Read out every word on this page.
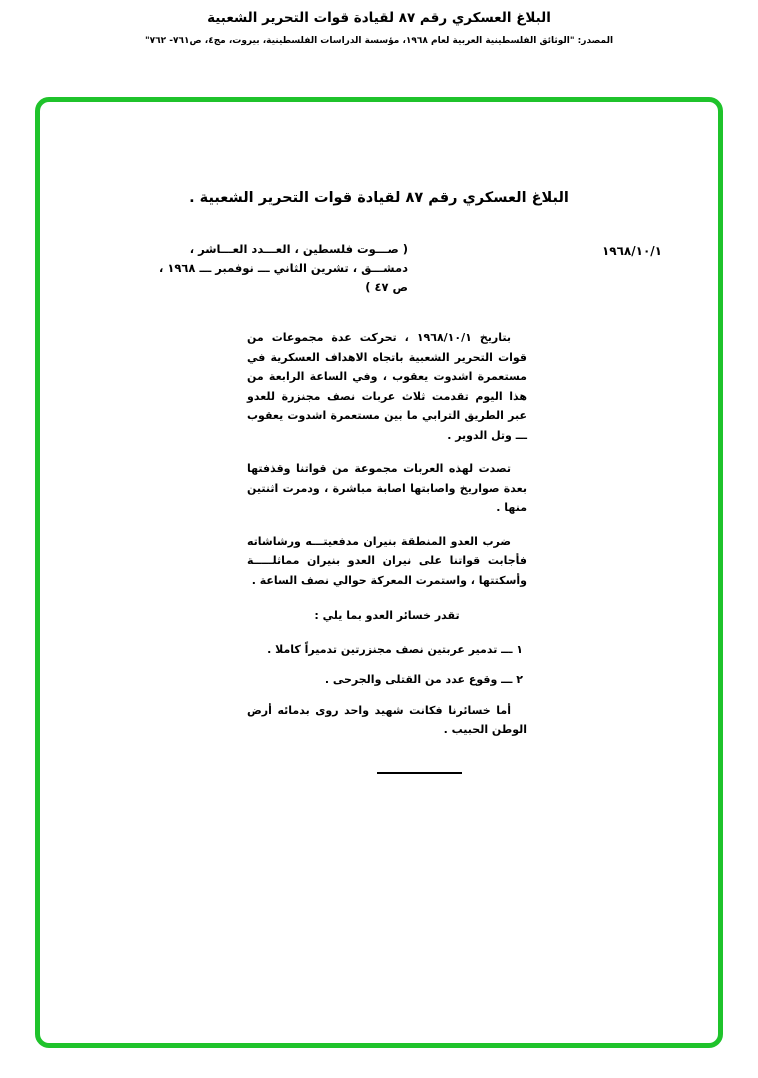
البلاغ العسكري رقم ٨٧ لقيادة قوات التحرير الشعبية
المصدر: "الوثائق الفلسطينية العربية لعام ١٩٦٨، مؤسسة الدراسات الفلسطينية، بيروت، مج٤، ص٧٦١- ٧٦٢"
البلاغ العسكري رقم ٨٧ لقيادة قوات التحرير الشعبية .
١٩٦٨/١٠/١
( صـــوت فلسطين ، العـــدد العـــاشر ،
دمشـــق ، تشرين الثاني ـــ نوفمبر ـــ ١٩٦٨ ،
ص ٤٧ )

بتاريخ ١٩٦٨/١٠/١ ، تحركت عدة مجموعات من قوات التحرير الشعبية باتجاه الاهداف العسكرية في مستعمرة اشدوت يعقوب ، وفي الساعة الرابعة من هذا اليوم تقدمت ثلاث عربات نصف مجنزرة للعدو عبر الطريق الترابي ما بين مستعمرة اشدوت يعقوب ـــ وتل الدوير .

تصدت لهذه العربات مجموعة من قواتنا وقذفتها بعدة صواريخ واصابتها اصابة مباشرة ، ودمرت اثنتين منها .

ضرب العدو المنطقة بنيران مدفعيتـــه ورشاشاته فأجابت قواتنا على نيران العدو بنيران مماثلـــــة وأسكتتها ، واستمرت المعركة حوالي نصف الساعة .

تقدر خسائر العدو بما يلي :

١ ـــ تدمير عربتين نصف مجنزرتين تدميراً كاملا .

٢ ـــ وقوع عدد من القتلى والجرحى .

أما خسائرنا فكانت شهيد واحد روى بدمائه أرض الوطن الحبيب .
